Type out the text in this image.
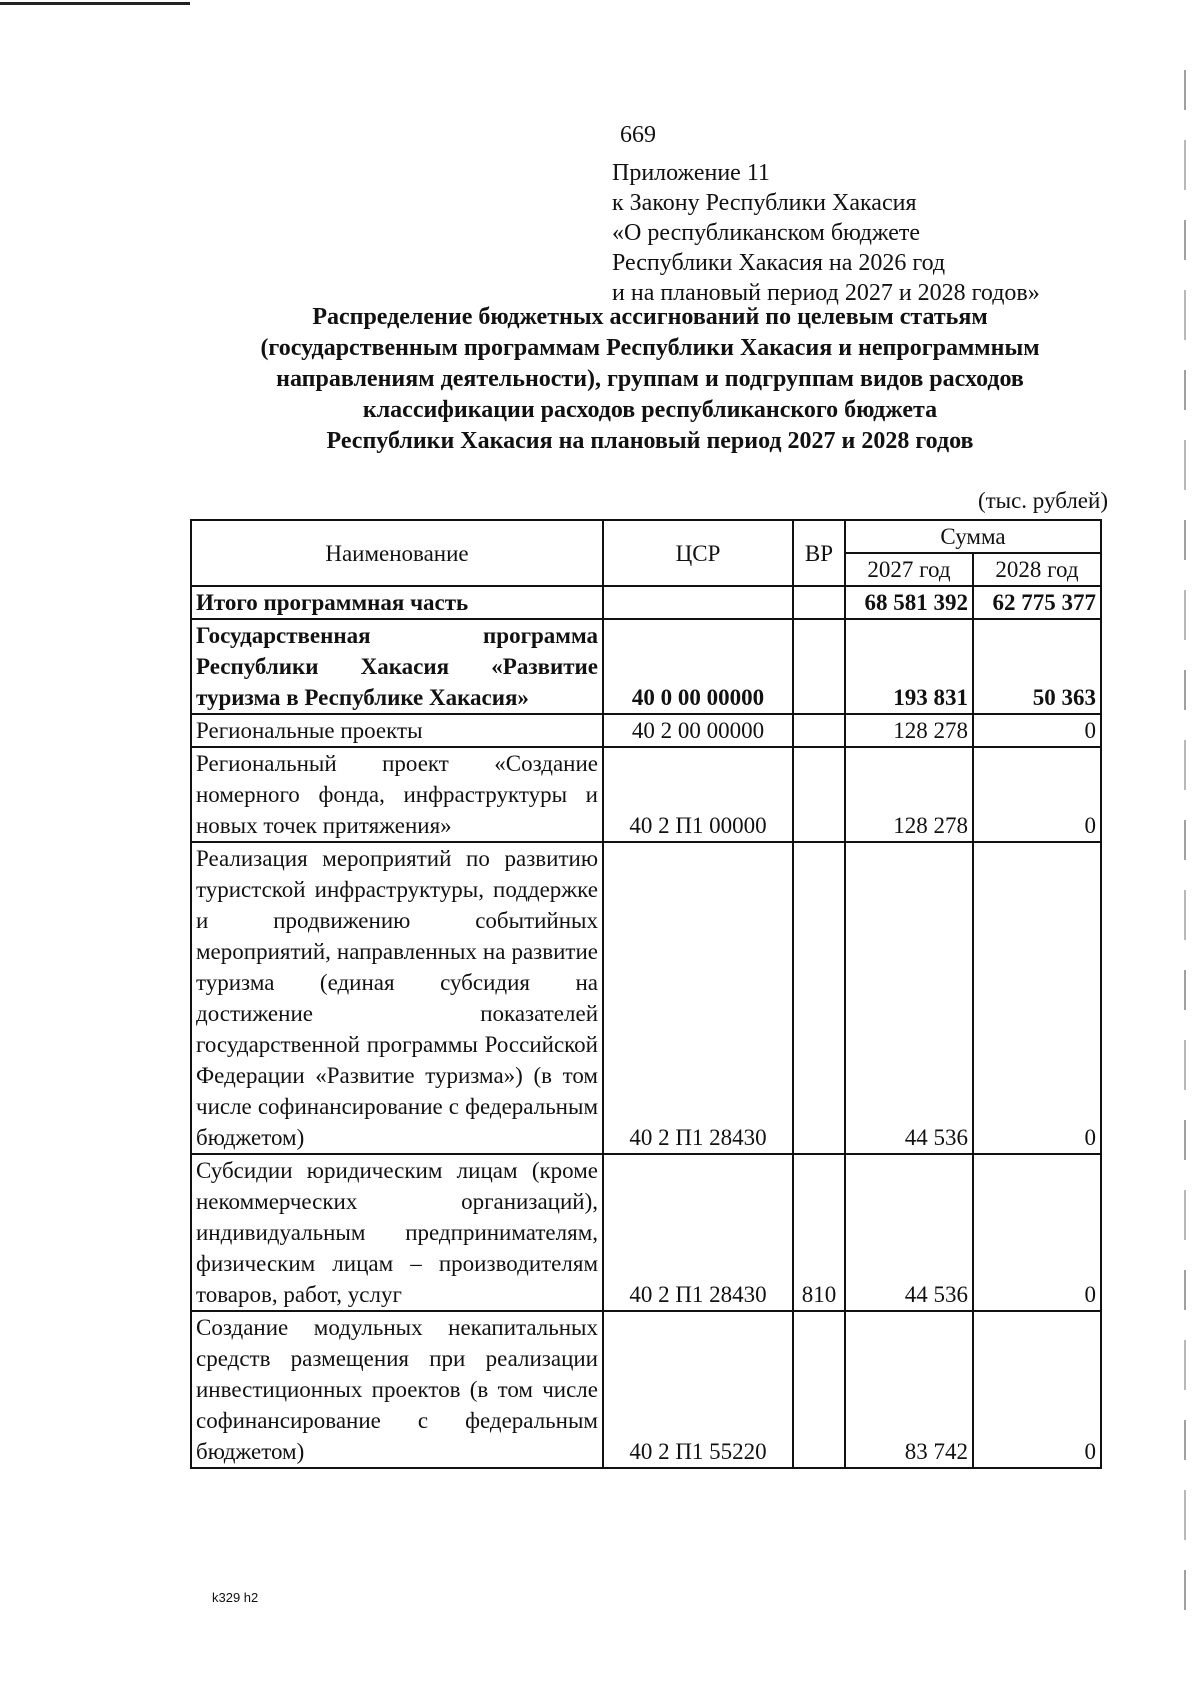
669
Приложение 11
к Закону Республики Хакасия
«О республиканском бюджете
Республики Хакасия на 2026 год
и на плановый период 2027 и 2028 годов»
Распределение бюджетных ассигнований по целевым статьям
(государственным программам Республики Хакасия и непрограммным
направлениям деятельности), группам и подгруппам видов расходов
классификации расходов республиканского бюджета
Республики Хакасия на плановый период 2027 и 2028 годов
(тыс. рублей)
Наименование	ЦСР	ВР	Сумма	
			2027 год	2028 год
Итого программная часть			68 581 392	62 775 377
Государственная программа Республики Хакасия «Развитие туризма в Республике Хакасия»	40 0 00 00000		193 831	50 363
Региональные проекты	40 2 00 00000		128 278	0
Региональный проект «Создание номерного фонда, инфраструктуры и новых точек притяжения»	40 2 П1 00000		128 278	0
Реализация мероприятий по развитию туристской инфраструктуры, поддержке и продвижению событийных мероприятий, направленных на развитие туризма (единая субсидия на достижение показателей государственной программы Российской Федерации «Развитие туризма») (в том числе софинансирование с федеральным бюджетом)	40 2 П1 28430		44 536	0
Субсидии юридическим лицам (кроме некоммерческих организаций), индивидуальным предпринимателям, физическим лицам – производителям товаров, работ, услуг	40 2 П1 28430	810	44 536	0
Создание модульных некапитальных средств размещения при реализации инвестиционных проектов (в том числе софинансирование с федеральным бюджетом)	40 2 П1 55220		83 742	0
k329 h2
